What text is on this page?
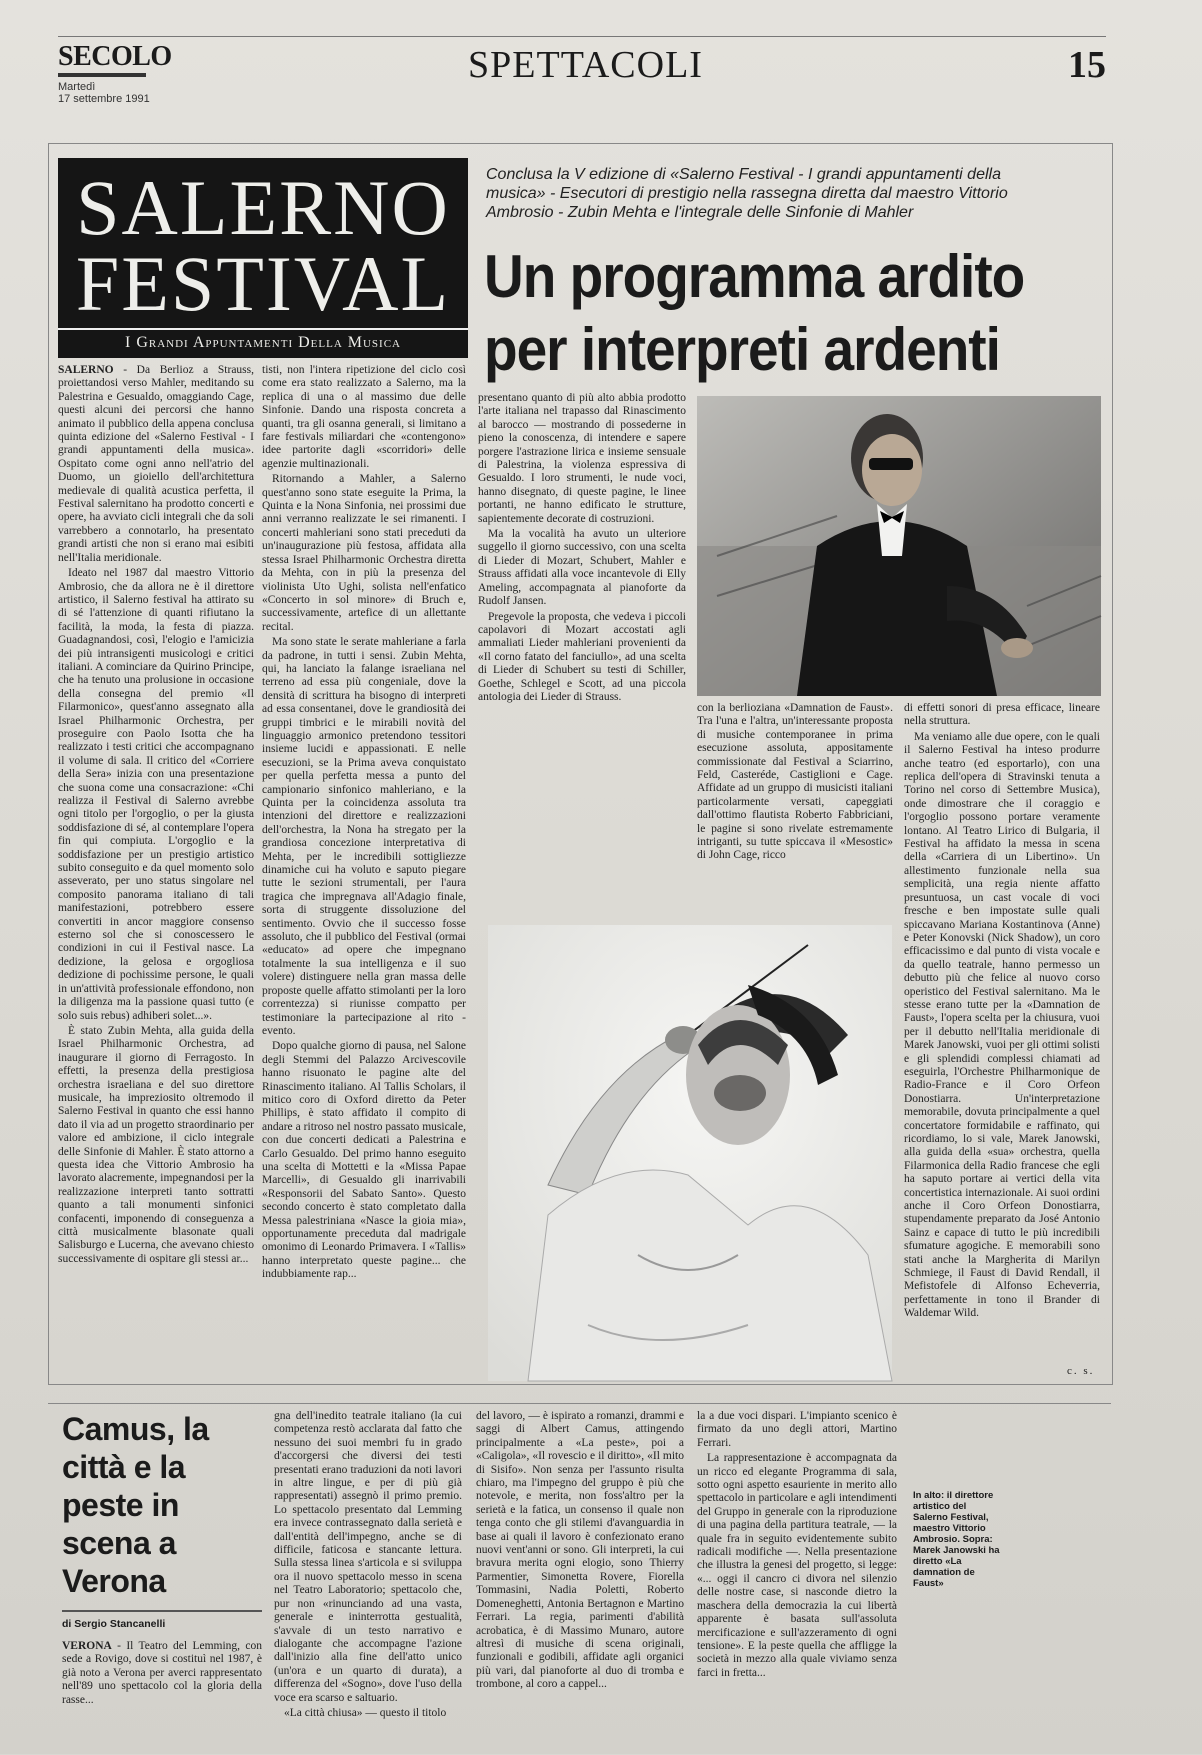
SECOLO
Martedì
17 settembre 1991
SPETTACOLI	15
SALERNO
FESTIVAL
I Grandi Appuntamenti Della Musica
Conclusa la V edizione di «Salerno Festival - I grandi appuntamenti della musica» - Esecutori di prestigio nella rassegna diretta dal maestro Vittorio Ambrosio - Zubin Mehta e l'integrale delle Sinfonie di Mahler
Un programma ardito
per interpreti ardenti

SALERNO - Da Berlioz a Strauss, proiettandosi verso Mahler, meditando su Palestrina e Gesualdo, omaggiando Cage, questi alcuni dei percorsi che hanno animato il pubblico della appena conclusa quinta edizione del «Salerno Festival - I grandi appuntamenti della musica». Ospitato come ogni anno nell'atrio del Duomo, un gioiello dell'architettura medievale di qualità acustica perfetta, il Festival salernitano ha prodotto concerti e opere, ha avviato cicli integrali che da soli varrebbero a connotarlo, ha presentato grandi artisti che non si erano mai esibiti nell'Italia meridionale.

Ideato nel 1987 dal maestro Vittorio Ambrosio, che da allora ne è il direttore artistico, il Salerno festival ha attirato su di sé l'attenzione di quanti rifiutano la facilità, la moda, la festa di piazza. Guadagnandosi, così, l'elogio e l'amicizia dei più intransigenti musicologi e critici italiani. A cominciare da Quirino Principe, che ha tenuto una prolusione in occasione della consegna del premio «Il Filarmonico», quest'anno assegnato alla Israel Philharmonic Orchestra, per proseguire con Paolo Isotta che ha realizzato i testi critici che accompagnano il volume di sala. Il critico del «Corriere della Sera» inizia con una presentazione che suona come una consacrazione: «Chi realizza il Festival di Salerno avrebbe ogni titolo per l'orgoglio, o per la giusta soddisfazione di sé, al contemplare l'opera fin qui compiuta. L'orgoglio e la soddisfazione per un prestigio artistico subito conseguito e da quel momento solo asseverato, per uno status singolare nel composito panorama italiano di tali manifestazioni, potrebbero essere convertiti in ancor maggiore consenso esterno sol che si conoscessero le condizioni in cui il Festival nasce. La dedizione, la gelosa e orgogliosa dedizione di pochissime persone, le quali in un'attività professionale effondono, non la diligenza ma la passione quasi tutto (e solo suis rebus) adhiberi solet...».

È stato Zubin Mehta, alla guida della Israel Philharmonic Orchestra, ad inaugurare il giorno di Ferragosto. In effetti, la presenza della prestigiosa orchestra israeliana e del suo direttore musicale, ha impreziosito oltremodo il Salerno Festival in quanto che essi hanno dato il via ad un progetto straordinario per valore ed ambizione, il ciclo integrale delle Sinfonie di Mahler. È stato attorno a questa idea che Vittorio Ambrosio ha lavorato alacremente, impegnandosi per la realizzazione interpreti tanto sottratti quanto a tali monumenti sinfonici confacenti, imponendo di conseguenza a città musicalmente blasonate quali Salisburgo e Lucerna, che avevano chiesto successivamente di ospitare gli stessi ar...

tisti, non l'intera ripetizione del ciclo così come era stato realizzato a Salerno, ma la replica di una o al massimo due delle Sinfonie. Dando una risposta concreta a quanti, tra gli osanna generali, si limitano a fare festivals miliardari che «contengono» idee partorite dagli «scorridori» delle agenzie multinazionali.

Ritornando a Mahler, a Salerno quest'anno sono state eseguite la Prima, la Quinta e la Nona Sinfonia, nei prossimi due anni verranno realizzate le sei rimanenti. I concerti mahleriani sono stati preceduti da un'inaugurazione più festosa, affidata alla stessa Israel Philharmonic Orchestra diretta da Mehta, con in più la presenza del violinista Uto Ughi, solista nell'enfatico «Concerto in sol minore» di Bruch e, successivamente, artefice di un allettante recital.

Ma sono state le serate mahleriane a farla da padrone, in tutti i sensi. Zubin Mehta, qui, ha lanciato la falange israeliana nel terreno ad essa più congeniale, dove la densità di scrittura ha bisogno di interpreti ad essa consentanei, dove le grandiosità dei gruppi timbrici e le mirabili novità del linguaggio armonico pretendono tessitori insieme lucidi e appassionati. E nelle esecuzioni, se la Prima aveva conquistato per quella perfetta messa a punto del campionario sinfonico mahleriano, e la Quinta per la coincidenza assoluta tra intenzioni del direttore e realizzazioni dell'orchestra, la Nona ha stregato per la grandiosa concezione interpretativa di Mehta, per le incredibili sottigliezze dinamiche cui ha voluto e saputo piegare tutte le sezioni strumentali, per l'aura tragica che impregnava all'Adagio finale, sorta di struggente dissoluzione del sentimento. Ovvio che il successo fosse assoluto, che il pubblico del Festival (ormai «educato» ad opere che impegnano totalmente la sua intelligenza e il suo volere) distinguere nella gran massa delle proposte quelle affatto stimolanti per la loro correntezza) si riunisse compatto per testimoniare la partecipazione al rito - evento.

Dopo qualche giorno di pausa, nel Salone degli Stemmi del Palazzo Arcivescovile hanno risuonato le pagine alte del Rinascimento italiano. Al Tallis Scholars, il mitico coro di Oxford diretto da Peter Phillips, è stato affidato il compito di andare a ritroso nel nostro passato musicale, con due concerti dedicati a Palestrina e Carlo Gesualdo. Del primo hanno eseguito una scelta di Mottetti e la «Missa Papae Marcelli», di Gesualdo gli inarrivabili «Responsorii del Sabato Santo». Questo secondo concerto è stato completato dalla Messa palestriniana «Nasce la gioia mia», opportunamente preceduta dal madrigale omonimo di Leonardo Primavera. I «Tallis» hanno interpretato queste pagine... che indubbiamente rap...

presentano quanto di più alto abbia prodotto l'arte italiana nel trapasso dal Rinascimento al barocco — mostrando di possederne in pieno la conoscenza, di intendere e sapere porgere l'astrazione lirica e insieme sensuale di Palestrina, la violenza espressiva di Gesualdo. I loro strumenti, le nude voci, hanno disegnato, di queste pagine, le linee portanti, ne hanno edificato le strutture, sapientemente decorate di costruzioni.

Ma la vocalità ha avuto un ulteriore suggello il giorno successivo, con una scelta di Lieder di Mozart, Schubert, Mahler e Strauss affidati alla voce incantevole di Elly Ameling, accompagnata al pianoforte da Rudolf Jansen.

Pregevole la proposta, che vedeva i piccoli capolavori di Mozart accostati agli ammaliati Lieder mahleriani provenienti da «Il corno fatato del fanciullo», ad una scelta di Lieder di Schubert su testi di Schiller, Goethe, Schlegel e Scott, ad una piccola antologia dei Lieder di Strauss.

con la berlioziana «Damnation de Faust». Tra l'una e l'altra, un'interessante proposta di musiche contemporanee in prima esecuzione assoluta, appositamente commissionate dal Festival a Sciarrino, Feld, Casteréde, Castiglioni e Cage. Affidate ad un gruppo di musicisti italiani particolarmente versati, capeggiati dall'ottimo flautista Roberto Fabbriciani, le pagine si sono rivelate estremamente intriganti, su tutte spiccava il «Mesostic» di John Cage, ricco

di effetti sonori di presa efficace, lineare nella struttura.

Ma veniamo alle due opere, con le quali il Salerno Festival ha inteso produrre anche teatro (ed esportarlo), con una replica dell'opera di Stravinski tenuta a Torino nel corso di Settembre Musica), onde dimostrare che il coraggio e l'orgoglio possono portare veramente lontano. Al Teatro Lirico di Bulgaria, il Festival ha affidato la messa in scena della «Carriera di un Libertino». Un allestimento funzionale nella sua semplicità, una regia niente affatto presuntuosa, un cast vocale di voci fresche e ben impostate sulle quali spiccavano Mariana Kostantinova (Anne) e Peter Konovski (Nick Shadow), un coro efficacissimo e dal punto di vista vocale e da quello teatrale, hanno permesso un debutto più che felice al nuovo corso operistico del Festival salernitano. Ma le stesse erano tutte per la «Damnation de Faust», l'opera scelta per la chiusura, vuoi per il debutto nell'Italia meridionale di Marek Janowski, vuoi per gli ottimi solisti e gli splendidi complessi chiamati ad eseguirla, l'Orchestre Philharmonique de Radio-France e il Coro Orfeon Donostiarra. Un'interpretazione memorabile, dovuta principalmente a quel concertatore formidabile e raffinato, qui ricordiamo, lo si vale, Marek Janowski, alla guida della «sua» orchestra, quella Filarmonica della Radio francese che egli ha saputo portare ai vertici della vita concertistica internazionale. Ai suoi ordini anche il Coro Orfeon Donostiarra, stupendamente preparato da José Antonio Sainz e capace di tutto le più incredibili sfumature agogiche. E memorabili sono stati anche la Margherita di Marilyn Schmiege, il Faust di David Rendall, il Mefistofele di Alfonso Echeverria, perfettamente in tono il Brander di Waldemar Wild.

c. s.
Camus, la città e la peste in scena a Verona
di Sergio Stancanelli

VERONA - Il Teatro del Lemming, con sede a Rovigo, dove si costituì nel 1987, è già noto a Verona per averci rappresentato nell'89 uno spettacolo col la gloria della rasse...

gna dell'inedito teatrale italiano (la cui competenza restò acclarata dal fatto che nessuno dei suoi membri fu in grado d'accorgersi che diversi dei testi presentati erano traduzioni da noti lavori in altre lingue, e per di più già rappresentati) assegnò il primo premio. Lo spettacolo presentato dal Lemming era invece contrassegnato dalla serietà e dall'entità dell'impegno, anche se di difficile, faticosa e stancante lettura. Sulla stessa linea s'articola e si sviluppa ora il nuovo spettacolo messo in scena nel Teatro Laboratorio; spettacolo che, pur non «rinunciando ad una vasta, generale e ininterrotta gestualità, s'avvale di un testo narrativo e dialogante che accompagne l'azione dall'inizio alla fine dell'atto unico (un'ora e un quarto di durata), a differenza del «Sogno», dove l'uso della voce era scarso e saltuario.

«La città chiusa» — questo il titolo

del lavoro, — è ispirato a romanzi, drammi e saggi di Albert Camus, attingendo principalmente a «La peste», poi a «Caligola», «Il rovescio e il diritto», «Il mito di Sisifo». Non senza per l'assunto risulta chiaro, ma l'impegno del gruppo è più che notevole, e merita, non foss'altro per la serietà e la fatica, un consenso il quale non tenga conto che gli stilemi d'avanguardia in base ai quali il lavoro è confezionato erano nuovi vent'anni or sono. Gli interpreti, la cui bravura merita ogni elogio, sono Thierry Parmentier, Simonetta Rovere, Fiorella Tommasini, Nadia Poletti, Roberto Domeneghetti, Antonia Bertagnon e Martino Ferrari. La regia, parimenti d'abilità acrobatica, è di Massimo Munaro, autore altresì di musiche di scena originali, funzionali e godibili, affidate agli organici più vari, dal pianoforte al duo di tromba e trombone, al coro a cappel...

la a due voci dispari. L'impianto scenico è firmato da uno degli attori, Martino Ferrari.

La rappresentazione è accompagnata da un ricco ed elegante Programma di sala, sotto ogni aspetto esauriente in merito allo spettacolo in particolare e agli intendimenti del Gruppo in generale con la riproduzione di una pagina della partitura teatrale, — la quale fra in seguito evidentemente subito radicali modifiche —. Nella presentazione che illustra la genesi del progetto, si legge: «... oggi il cancro ci divora nel silenzio delle nostre case, si nasconde dietro la maschera della democrazia la cui libertà apparente è basata sull'assoluta mercificazione e sull'azzeramento di ogni tensione». E la peste quella che affligge la società in mezzo alla quale viviamo senza farci in fretta...

In alto: il direttore artistico del Salerno Festival, maestro Vittorio Ambrosio. Sopra: Marek Janowski ha diretto «La damnation de Faust»
